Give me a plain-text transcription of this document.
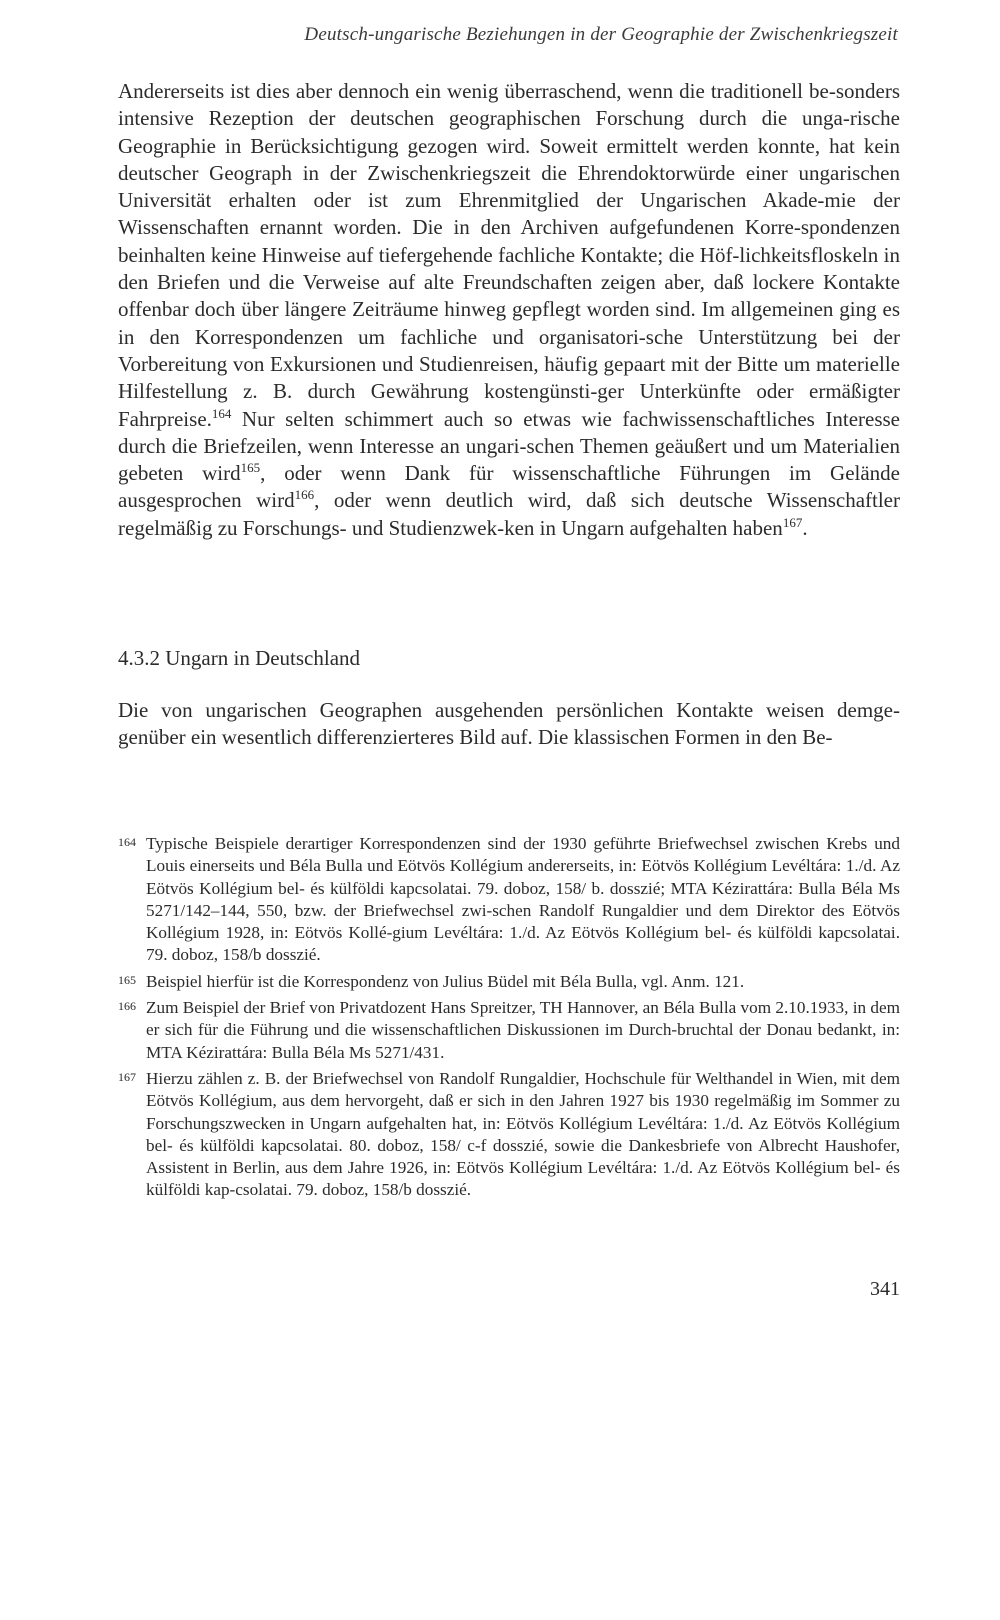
Deutsch-ungarische Beziehungen in der Geographie der Zwischenkriegszeit

Andererseits ist dies aber dennoch ein wenig überraschend, wenn die traditionell be-sonders intensive Rezeption der deutschen geographischen Forschung durch die unga-rische Geographie in Berücksichtigung gezogen wird. Soweit ermittelt werden konnte, hat kein deutscher Geograph in der Zwischenkriegszeit die Ehrendoktorwürde einer ungarischen Universität erhalten oder ist zum Ehrenmitglied der Ungarischen Akade-mie der Wissenschaften ernannt worden. Die in den Archiven aufgefundenen Korre-spondenzen beinhalten keine Hinweise auf tiefergehende fachliche Kontakte; die Höf-lichkeitsfloskeln in den Briefen und die Verweise auf alte Freundschaften zeigen aber, daß lockere Kontakte offenbar doch über längere Zeiträume hinweg gepflegt worden sind. Im allgemeinen ging es in den Korrespondenzen um fachliche und organisatori-sche Unterstützung bei der Vorbereitung von Exkursionen und Studienreisen, häufig gepaart mit der Bitte um materielle Hilfestellung z. B. durch Gewährung kostengünsti-ger Unterkünfte oder ermäßigter Fahrpreise.$^{164}$ Nur selten schimmert auch so etwas wie fachwissenschaftliches Interesse durch die Briefzeilen, wenn Interesse an ungari-schen Themen geäußert und um Materialien gebeten wird$^{165}$, oder wenn Dank für wissenschaftliche Führungen im Gelände ausgesprochen wird$^{166}$, oder wenn deutlich wird, daß sich deutsche Wissenschaftler regelmäßig zu Forschungs- und Studienzwek-ken in Ungarn aufgehalten haben$^{167}$.

4.3.2 Ungarn in Deutschland

Die von ungarischen Geographen ausgehenden persönlichen Kontakte weisen demge-genüber ein wesentlich differenzierteres Bild auf. Die klassischen Formen in den Be-

164 Typische Beispiele derartiger Korrespondenzen sind der 1930 geführte Briefwechsel zwischen Krebs und Louis einerseits und Béla Bulla und Eötvös Kollégium andererseits, in: Eötvös Kollégium Levéltára: 1./d. Az Eötvös Kollégium bel- és külföldi kapcsolatai. 79. doboz, 158/ b. dosszié; MTA Kézirattára: Bulla Béla Ms 5271/142–144, 550, bzw. der Briefwechsel zwi-schen Randolf Rungaldier und dem Direktor des Eötvös Kollégium 1928, in: Eötvös Kollé-gium Levéltára: 1./d. Az Eötvös Kollégium bel- és külföldi kapcsolatai. 79. doboz, 158/b dosszié.
165 Beispiel hierfür ist die Korrespondenz von Julius Büdel mit Béla Bulla, vgl. Anm. 121.
166 Zum Beispiel der Brief von Privatdozent Hans Spreitzer, TH Hannover, an Béla Bulla vom 2.10.1933, in dem er sich für die Führung und die wissenschaftlichen Diskussionen im Durch-bruchtal der Donau bedankt, in: MTA Kézirattára: Bulla Béla Ms 5271/431.
167 Hierzu zählen z. B. der Briefwechsel von Randolf Rungaldier, Hochschule für Welthandel in Wien, mit dem Eötvös Kollégium, aus dem hervorgeht, daß er sich in den Jahren 1927 bis 1930 regelmäßig im Sommer zu Forschungszwecken in Ungarn aufgehalten hat, in: Eötvös Kollégium Levéltára: 1./d. Az Eötvös Kollégium bel- és külföldi kapcsolatai. 80. doboz, 158/ c-f dosszié, sowie die Dankesbriefe von Albrecht Haushofer, Assistent in Berlin, aus dem Jahre 1926, in: Eötvös Kollégium Levéltára: 1./d. Az Eötvös Kollégium bel- és külföldi kap-csolatai. 79. doboz, 158/b dosszié.
341
